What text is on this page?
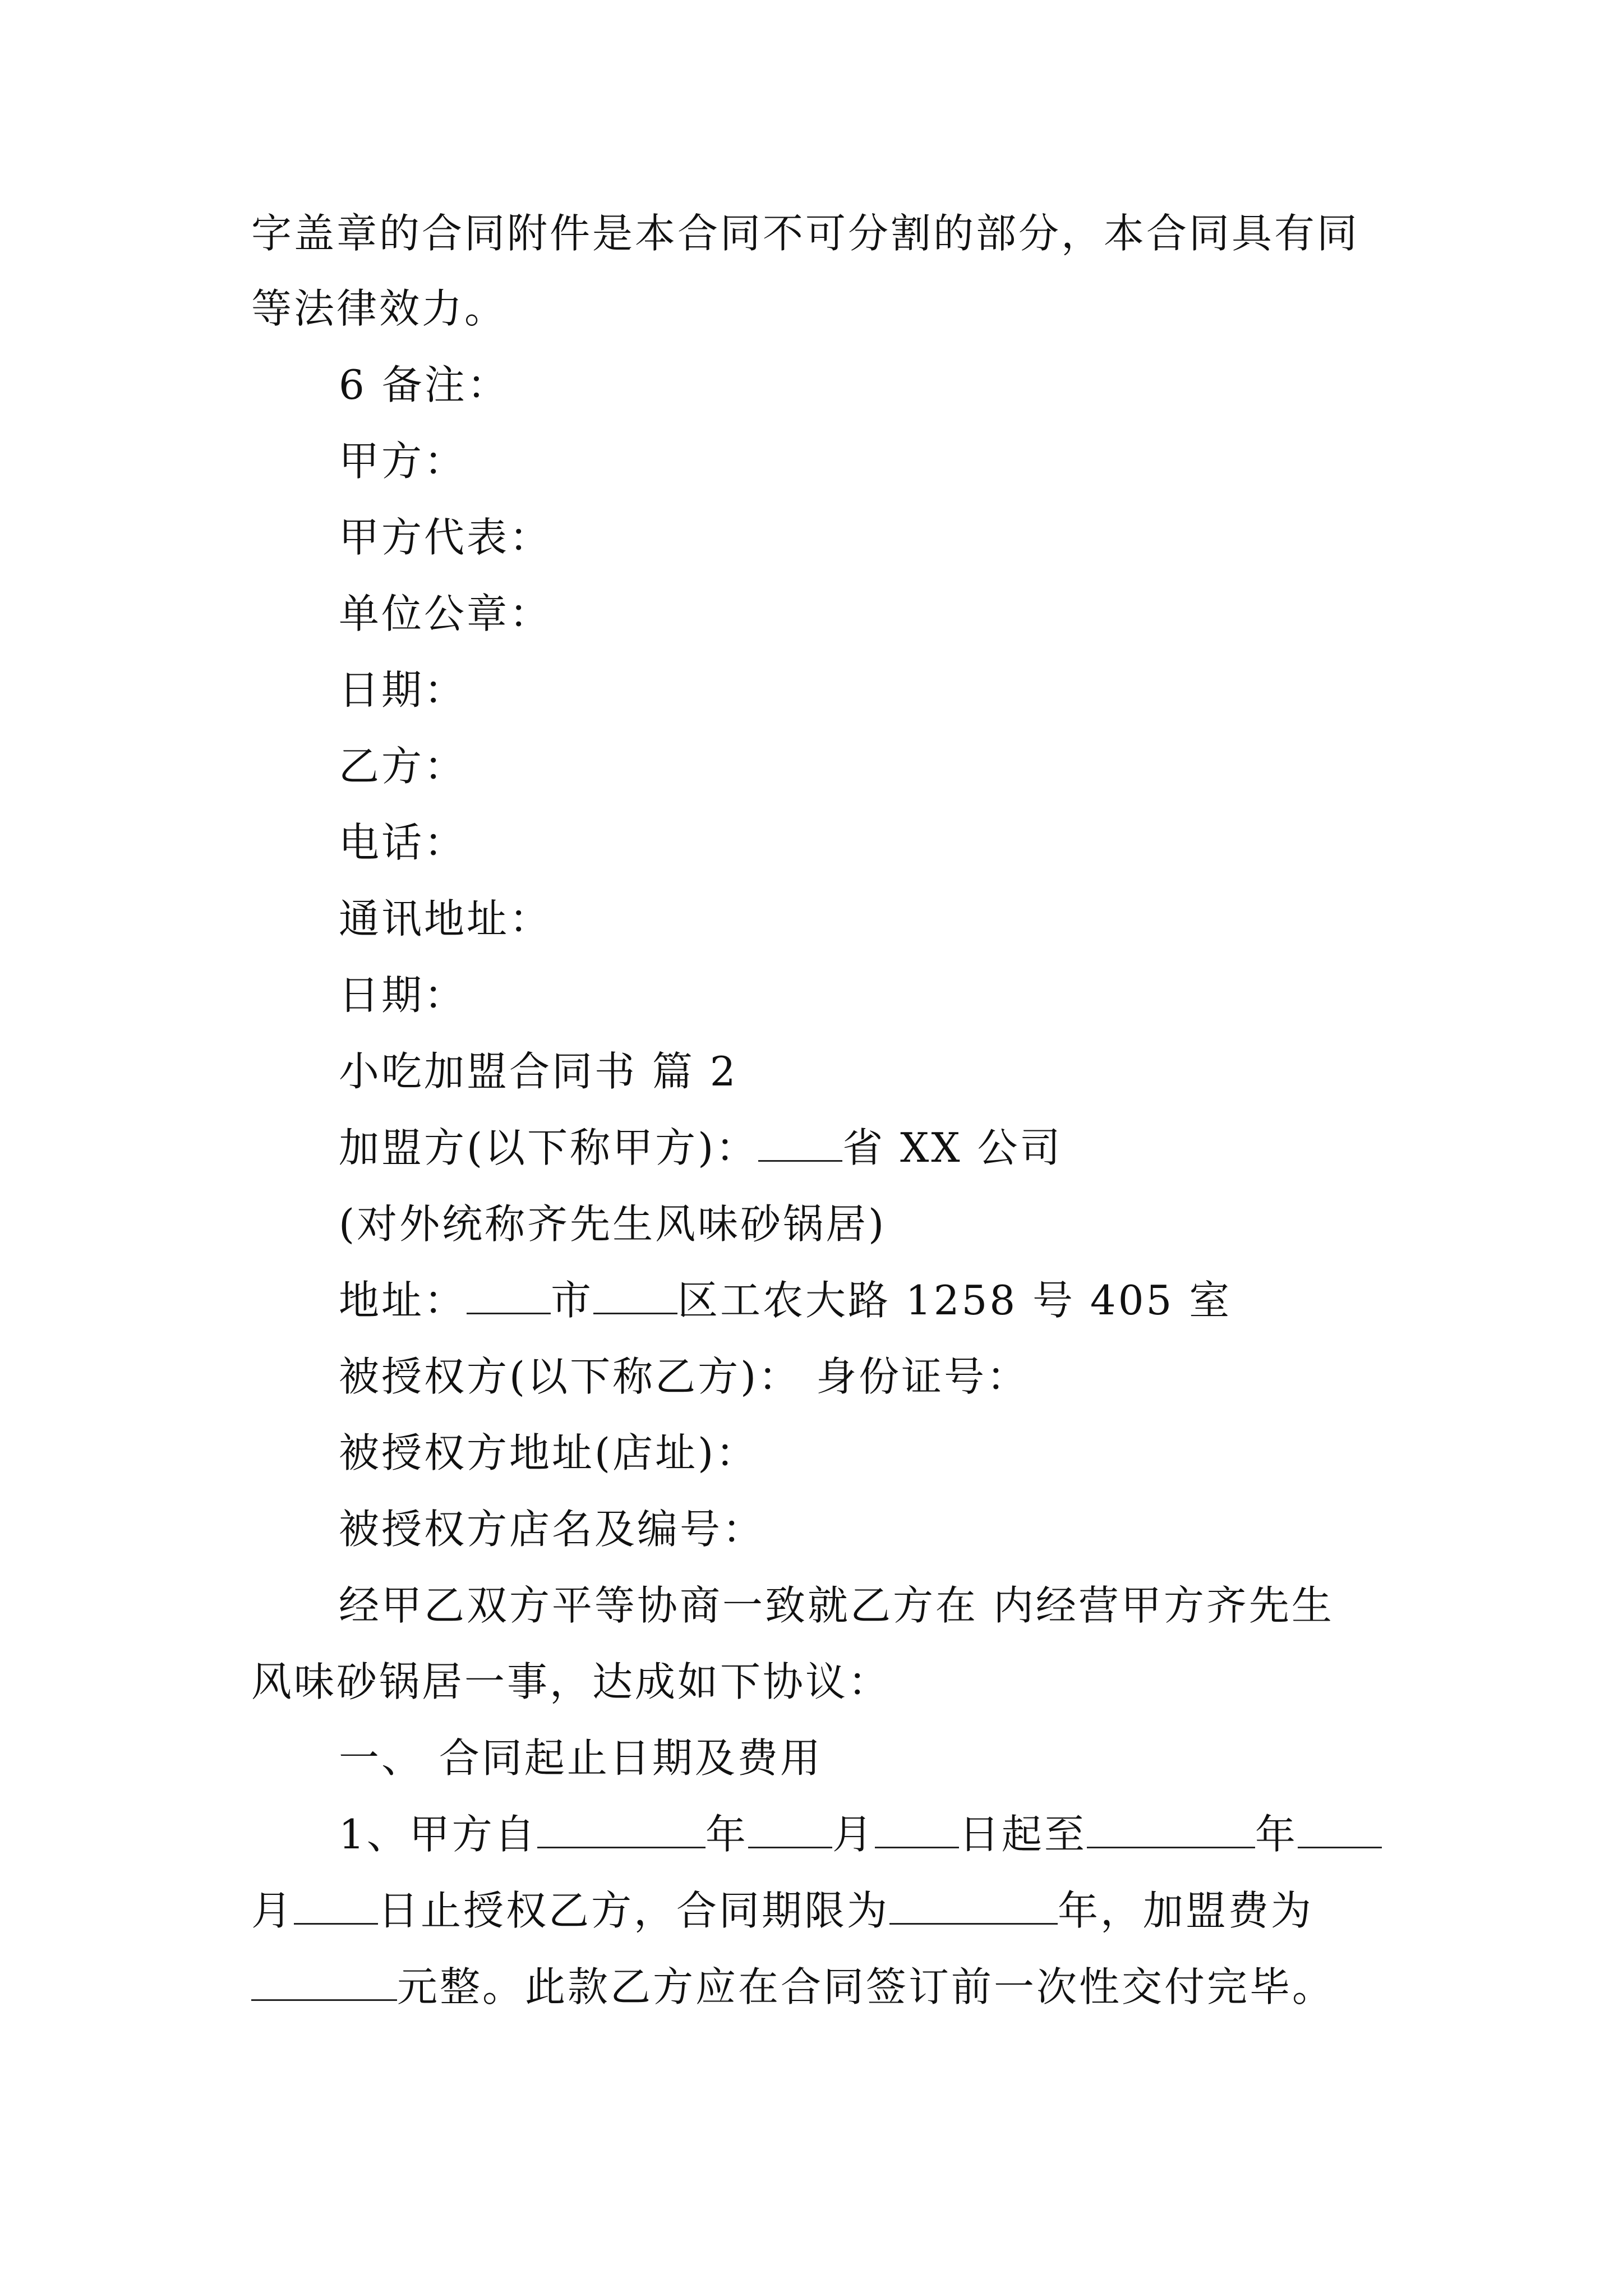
字盖章的合同附件是本合同不可分割的部分，本合同具有同
等法律效力。
6 备注：
甲方：
甲方代表：
单位公章：
日期：
乙方：
电话：
通讯地址：
日期：
小吃加盟合同书 篇 2
加盟方(以下称甲方)： 省 XX 公司
(对外统称齐先生风味砂锅居)
地址： 市 区工农大路 1258 号 405 室
被授权方(以下称乙方)： 身份证号：
被授权方地址(店址)：
被授权方店名及编号：
经甲乙双方平等协商一致就乙方在 内经营甲方齐先生
风味砂锅居一事，达成如下协议：
一、 合同起止日期及费用
1、甲方自	年 月 日起至	年
月 日止授权乙方，合同期限为	年，加盟费为
元整。此款乙方应在合同签订前一次性交付完毕。
